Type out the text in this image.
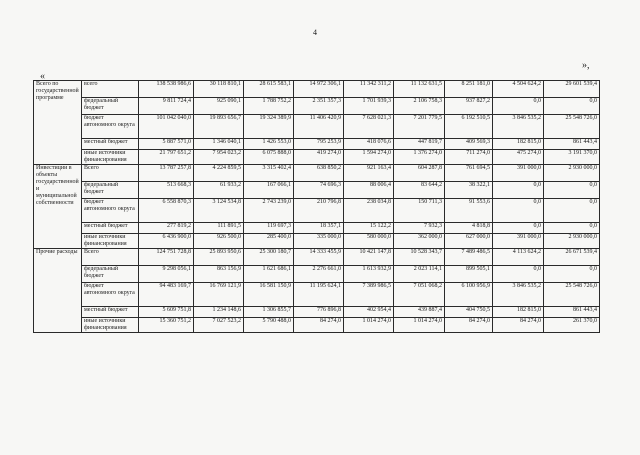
4
«
»,
Всего по государственной программе	всего	138 538 986,6	30 118 810,1	28 615 583,1	14 972 306,1	11 342 311,2	11 132 631,5	8 251 181,0	4 504 624,2	29 601 539,4
	федеральный бюджет	9 811 724,4	925 090,1	1 788 752,2	2 351 357,3	1 701 939,3	2 106 758,3	937 827,2	0,0	0,0
	бюджет автономного округа	101 042 040,0	19 893 656,7	19 324 389,9	11 406 420,9	7 628 021,3	7 201 779,5	6 192 510,5	3 846 535,2	25 548 726,0
	местный бюджет	5 887 571,0	1 346 040,1	1 426 553,0	795 253,9	418 076,6	447 819,7	409 569,3	182 815,0	861 443,4
	иные источники финансирования	21 797 651,2	7 954 023,2	6 075 888,0	419 274,0	1 594 274,0	1 376 274,0	711 274,0	475 274,0	3 191 370,0
Инвестиции в объекты государственной и муниципальной собственности	Всего	13 787 257,8	4 224 859,5	3 315 402,4	638 850,2	921 163,4	604 287,8	761 694,5	391 000,0	2 930 000,0
	федеральный бюджет	513 668,3	61 933,2	167 066,1	74 696,3	88 006,4	83 644,2	38 322,1	0,0	0,0
	бюджет автономного округа	6 558 870,3	3 124 534,8	2 743 239,0	210 796,8	238 034,8	150 711,3	91 553,6	0,0	0,0
	местный бюджет	277 819,2	111 891,5	119 697,3	18 357,1	15 122,2	7 932,3	4 818,8	0,0	0,0
	иные источники финансирования	6 436 900,0	926 500,0	285 400,0	335 000,0	580 000,0	362 000,0	627 000,0	391 000,0	2 930 000,0
Прочие расходы	Всего	124 751 728,8	25 893 950,6	25 300 180,7	14 333 455,9	10 421 147,8	10 528 343,7	7 489 486,5	4 113 624,2	26 671 539,4
	федеральный бюджет	9 298 056,1	863 156,9	1 621 686,1	2 276 661,0	1 613 932,9	2 023 114,1	899 505,1	0,0	0,0
	бюджет автономного округа	94 483 169,7	16 769 121,9	16 581 150,9	11 195 624,1	7 389 986,5	7 051 068,2	6 100 956,9	3 846 535,2	25 548 726,0
	местный бюджет	5 609 751,8	1 234 148,6	1 306 855,7	776 896,8	402 954,4	439 887,4	404 750,5	182 815,0	861 443,4
	иные источники финансирования	15 360 751,2	7 027 523,2	5 790 488,0	84 274,0	1 014 274,0	1 014 274,0	84 274,0	84 274,0	261 370,0
